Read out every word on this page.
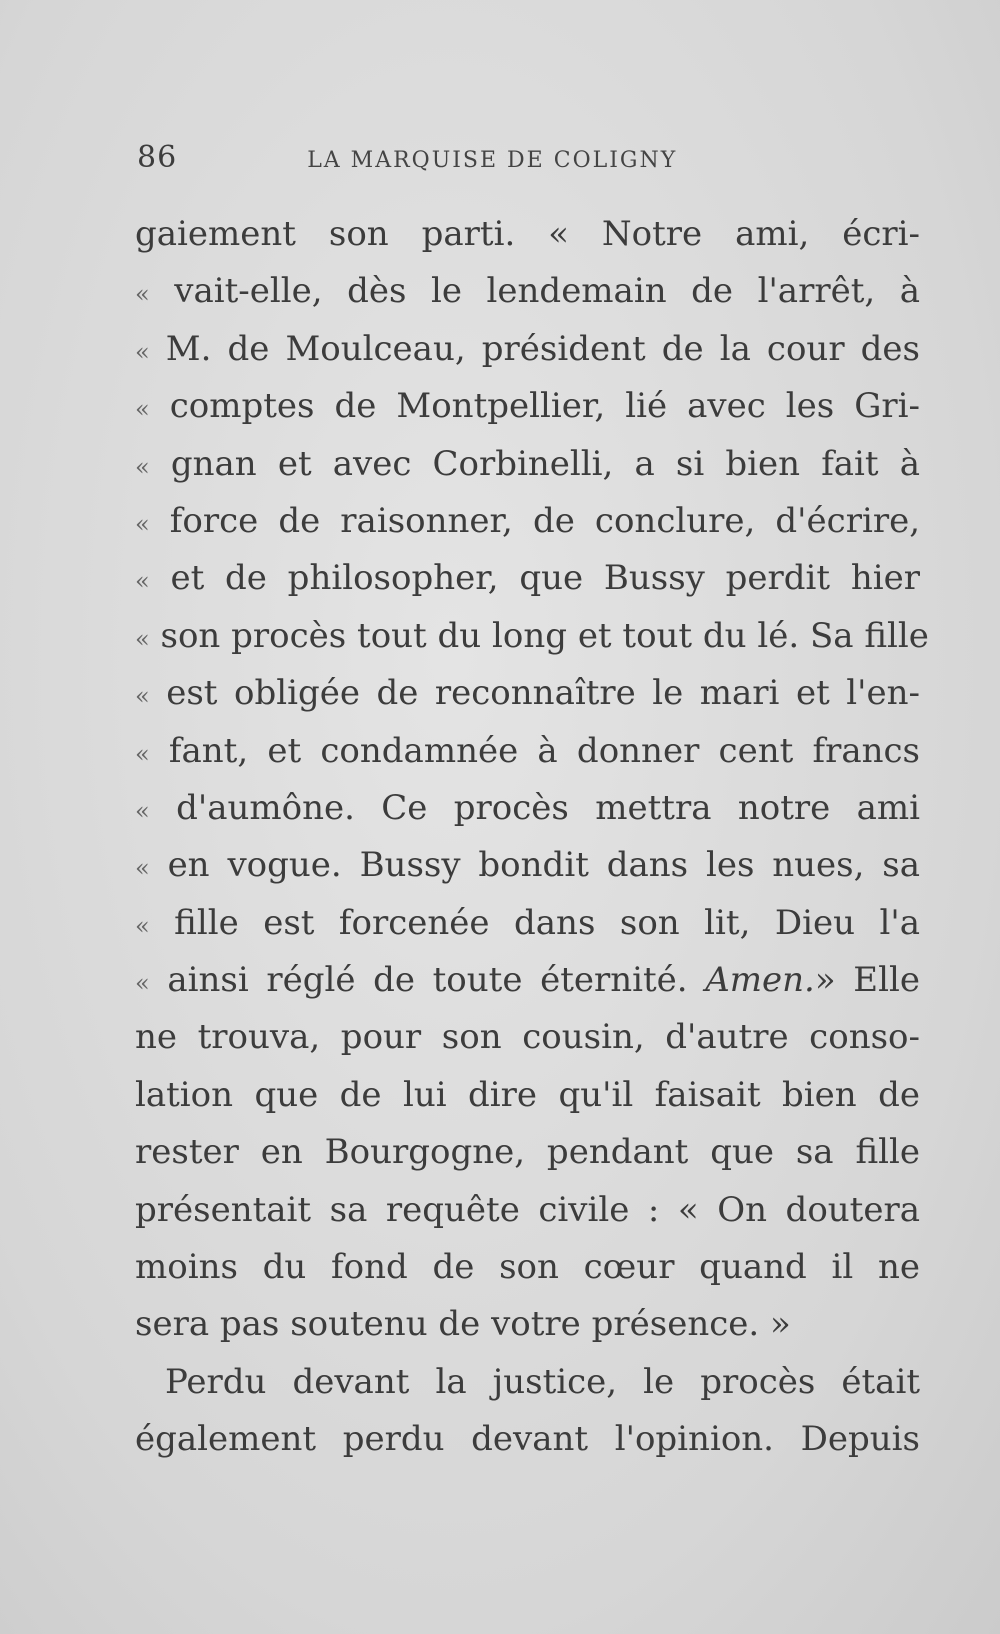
86	LA MARQUISE DE COLIGNY
gaiement son parti. « Notre ami, écri-
« vait-elle, dès le lendemain de l'arrêt, à
« M. de Moulceau, président de la cour des
« comptes de Montpellier, lié avec les Gri-
« gnan et avec Corbinelli, a si bien fait à
« force de raisonner, de conclure, d'écrire,
« et de philosopher, que Bussy perdit hier
« son procès tout du long et tout du lé. Sa fille
« est obligée de reconnaître le mari et l'en-
« fant, et condamnée à donner cent francs
« d'aumône. Ce procès mettra notre ami
« en vogue. Bussy bondit dans les nues, sa
« fille est forcenée dans son lit, Dieu l'a
« ainsi réglé de toute éternité. Amen.» Elle
ne trouva, pour son cousin, d'autre conso-
lation que de lui dire qu'il faisait bien de
rester en Bourgogne, pendant que sa fille
présentait sa requête civile : « On doutera
moins du fond de son cœur quand il ne
sera pas soutenu de votre présence. »
Perdu devant la justice, le procès était
également perdu devant l'opinion. Depuis
